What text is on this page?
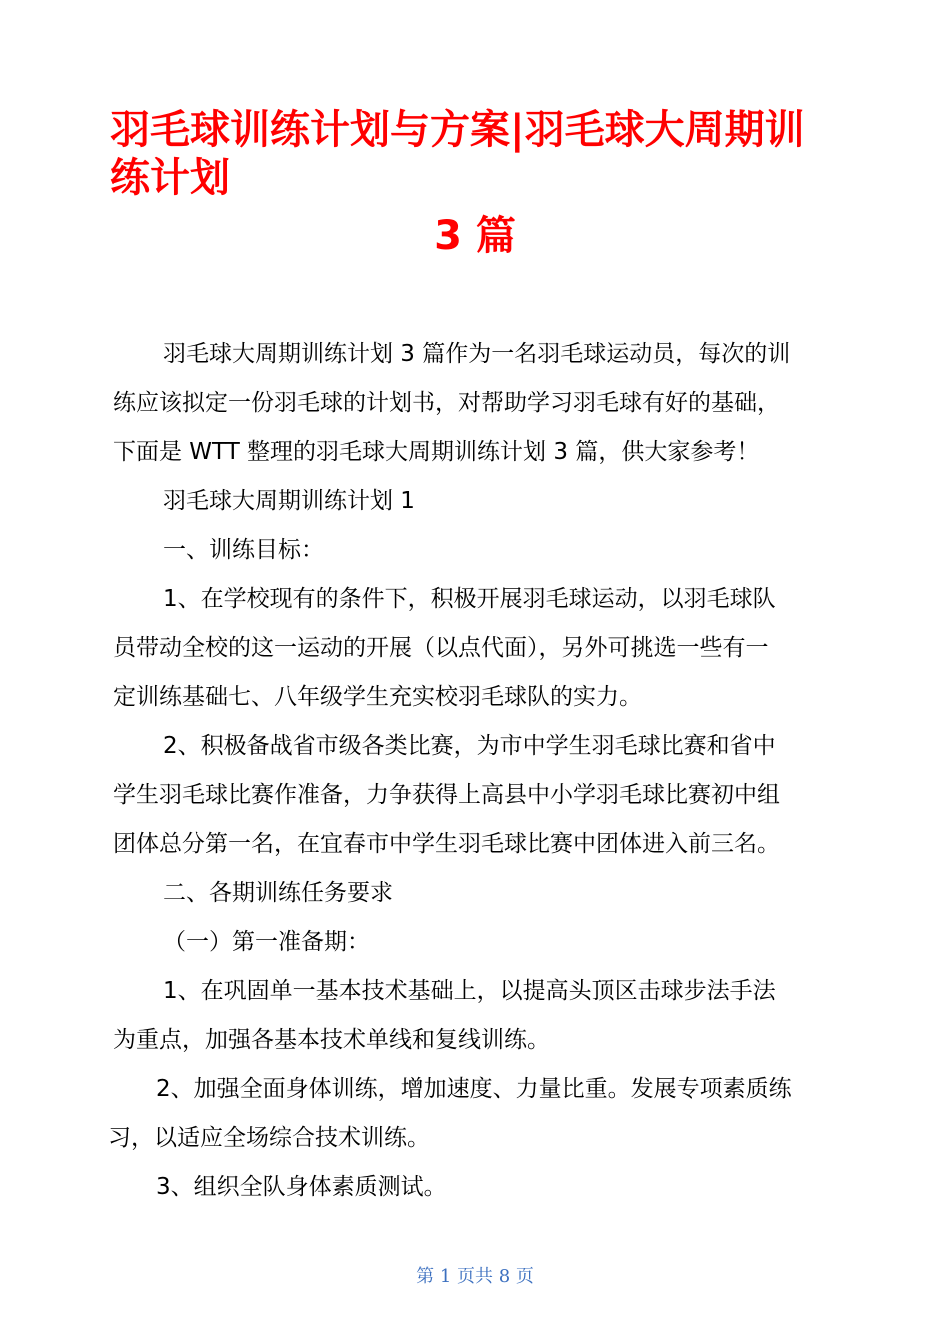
羽毛球训练计划与方案|羽毛球大周期训
练计划
3 篇
羽毛球大周期训练计划 3 篇作为一名羽毛球运动员，每次的训
练应该拟定一份羽毛球的计划书，对帮助学习羽毛球有好的基础，
下面是 WTT 整理的羽毛球大周期训练计划 3 篇，供大家参考！
羽毛球大周期训练计划 1
一、训练目标：
1、在学校现有的条件下，积极开展羽毛球运动，以羽毛球队
员带动全校的这一运动的开展（以点代面），另外可挑选一些有一
定训练基础七、八年级学生充实校羽毛球队的实力。
2、积极备战省市级各类比赛，为市中学生羽毛球比赛和省中
学生羽毛球比赛作准备，力争获得上高县中小学羽毛球比赛初中组
团体总分第一名，在宜春市中学生羽毛球比赛中团体进入前三名。
二、各期训练任务要求
（一）第一准备期：
1、在巩固单一基本技术基础上，以提高头顶区击球步法手法
为重点，加强各基本技术单线和复线训练。
2、加强全面身体训练，增加速度、力量比重。发展专项素质练
习，以适应全场综合技术训练。
3、组织全队身体素质测试。
第 1 页共 8 页
